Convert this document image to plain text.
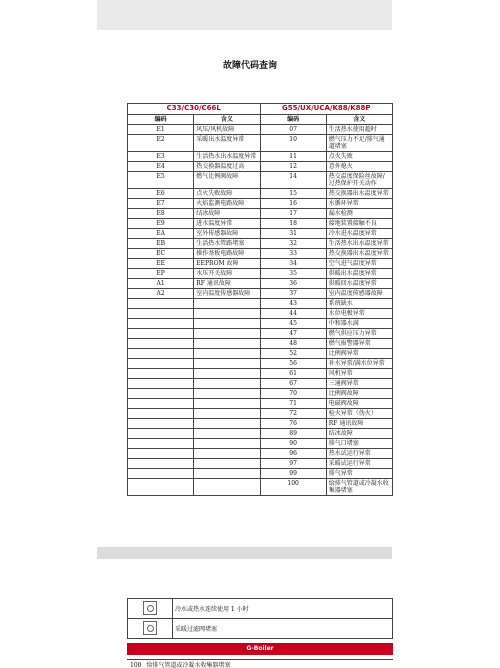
故障代码查询
C33/C30/C66L		G55/UX/UCA/K88/K88P	
编码	含义	编码	含义
E1	风压/风机故障	07	生活热水使用超时
E2	采暖出水温度异常	10	燃气压力不足/排气通道堵塞
E3	生活热水出水温度异常	11	点火失败
E4	热交换器温度过高	12	意外熄火
E5	燃气比例阀故障	14	热交温度保险丝故障/过热保护开关动作
E6	点火失败故障	15	热交换器出水温度异常
E7	火焰监测电路故障	16	水循环异常
E8	结冰故障	17	漏水检测
E9	进水温度异常	18	接地装置接触不良
EA	室外传感器故障	31	冷水进水温度异常
EB	生活热水管路堵塞	32	生活热水出水温度异常
EC	操作基板电路故障	33	热交换器出水温度异常
EE	EEPROM 故障	34	空气进气温度异常
EP	水压开关故障	35	供暖出水温度异常
A1	RF 通讯故障	36	供暖回水温度异常
A2	室内温度传感器故障	37	室内温度传感器故障
		43	系统缺水
		44	水位电极异常
		45	中和器水满
		47	燃气供应压力异常
		48	燃气报警器异常
		52	比例阀异常
		56	补水异常/满水位异常
		61	风机异常
		67	三通阀异常
		70	比例阀故障
		71	电磁阀故障
		72	检火异常（伪火）
		76	RF 通讯故障
		89	结冰故障
		90	排气口堵塞
		96	热水试运行异常
		97	采暖试运行异常
		99	排气异常
		100	给排气管道或冷凝水收集器堵塞
	冷水或热水连续使用 1 小时
	采暖过滤网堵塞
G-Boiler
100 给排气管道或冷凝水收集器堵塞
